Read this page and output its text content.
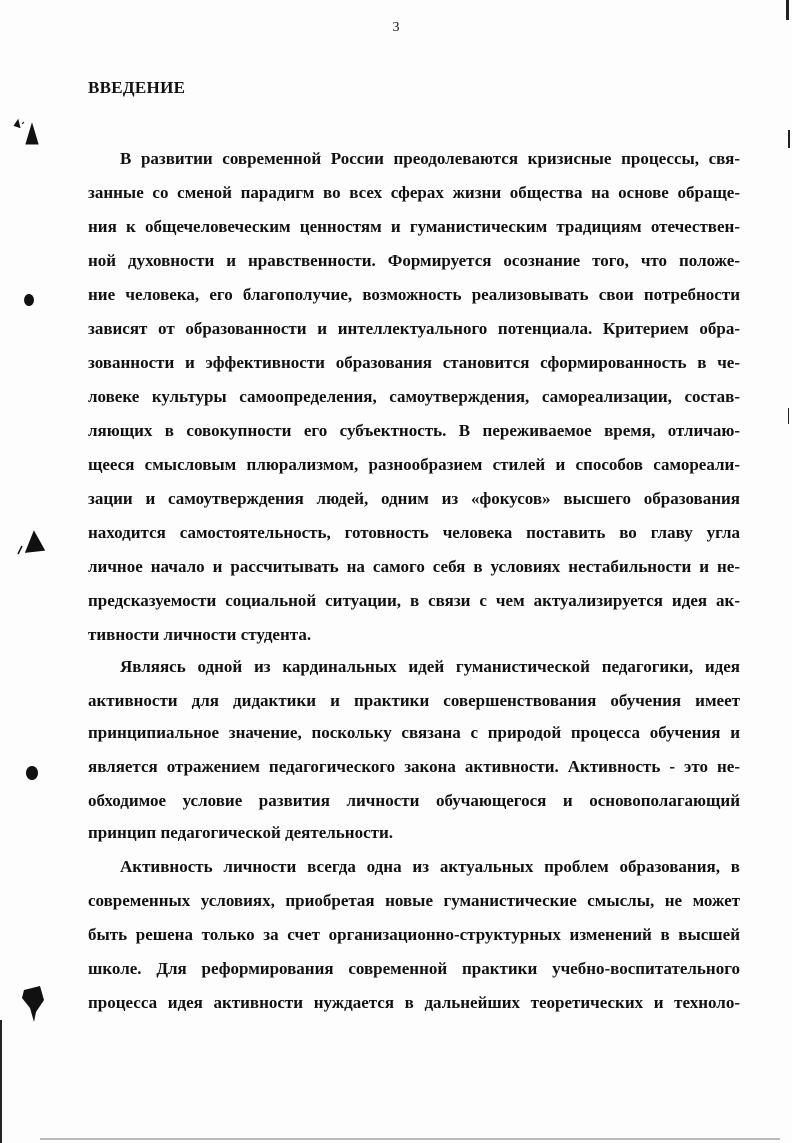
3
ВВЕДЕНИЕ
В развитии современной России преодолеваются кризисные процессы, свя-
занные со сменой парадигм во всех сферах жизни общества на основе обраще-
ния к общечеловеческим ценностям и гуманистическим традициям отечествен-
ной духовности и нравственности. Формируется осознание того, что положе-
ние человека, его благополучие, возможность реализовывать свои потребности
зависят от образованности и интеллектуального потенциала. Критерием обра-
зованности и эффективности образования становится сформированность в че-
ловеке культуры самоопределения, самоутверждения, самореализации, состав-
ляющих в совокупности его субъектность. В переживаемое время, отличаю-
щееся смысловым плюрализмом, разнообразием стилей и способов самореали-
зации и самоутверждения людей, одним из «фокусов» высшего образования
находится самостоятельность, готовность человека поставить во главу угла
личное начало и рассчитывать на самого себя в условиях нестабильности и не-
предсказуемости социальной ситуации, в связи с чем актуализируется идея ак-
тивности личности студента.
Являясь одной из кардинальных идей гуманистической педагогики, идея
активности для дидактики и практики совершенствования обучения имеет
принципиальное значение, поскольку связана с природой процесса обучения и
является отражением педагогического закона активности. Активность - это не-
обходимое условие развития личности обучающегося и основополагающий
принцип педагогической деятельности.
Активность личности всегда одна из актуальных проблем образования, в
современных условиях, приобретая новые гуманистические смыслы, не может
быть решена только за счет организационно-структурных изменений в высшей
школе. Для реформирования современной практики учебно-воспитательного
процесса идея активности нуждается в дальнейших теоретических и техноло-
